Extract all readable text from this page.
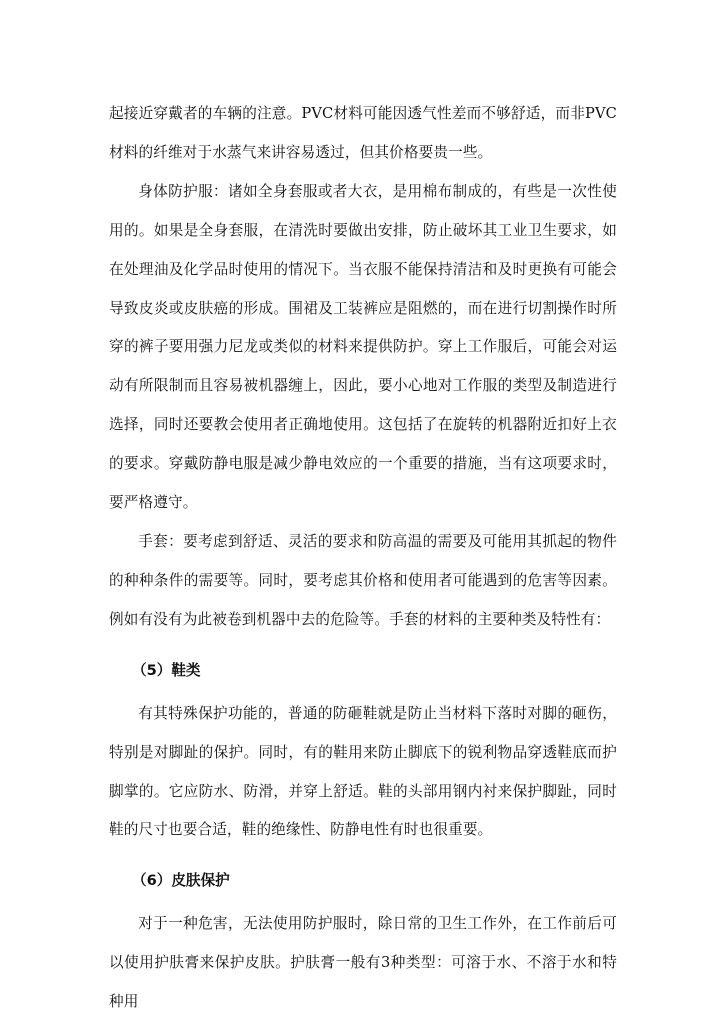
起接近穿戴者的车辆的注意。PVC材料可能因透气性差而不够舒适，而非PVC材料的纤维对于水蒸气来讲容易透过，但其价格要贵一些。

身体防护服：诸如全身套服或者大衣，是用棉布制成的，有些是一次性使用的。如果是全身套服，在清洗时要做出安排，防止破坏其工业卫生要求，如在处理油及化学品时使用的情况下。当衣服不能保持清洁和及时更换有可能会导致皮炎或皮肤癌的形成。围裙及工装裤应是阻燃的，而在进行切割操作时所穿的裤子要用强力尼龙或类似的材料来提供防护。穿上工作服后，可能会对运动有所限制而且容易被机器缠上，因此，要小心地对工作服的类型及制造进行选择，同时还要教会使用者正确地使用。这包括了在旋转的机器附近扣好上衣的要求。穿戴防静电服是减少静电效应的一个重要的措施，当有这项要求时，要严格遵守。

手套：要考虑到舒适、灵活的要求和防高温的需要及可能用其抓起的物件的种种条件的需要等。同时，要考虑其价格和使用者可能遇到的危害等因素。例如有没有为此被卷到机器中去的危险等。手套的材料的主要种类及特性有：

（5）鞋类

有其特殊保护功能的，普通的防砸鞋就是防止当材料下落时对脚的砸伤，特别是对脚趾的保护。同时，有的鞋用来防止脚底下的锐利物品穿透鞋底而护脚掌的。它应防水、防滑，并穿上舒适。鞋的头部用钢内衬来保护脚趾，同时鞋的尺寸也要合适，鞋的绝缘性、防静电性有时也很重要。

（6）皮肤保护

对于一种危害，无法使用防护服时，除日常的卫生工作外，在工作前后可以使用护肤膏来保护皮肤。护肤膏一般有3种类型：可溶于水、不溶于水和特种用
